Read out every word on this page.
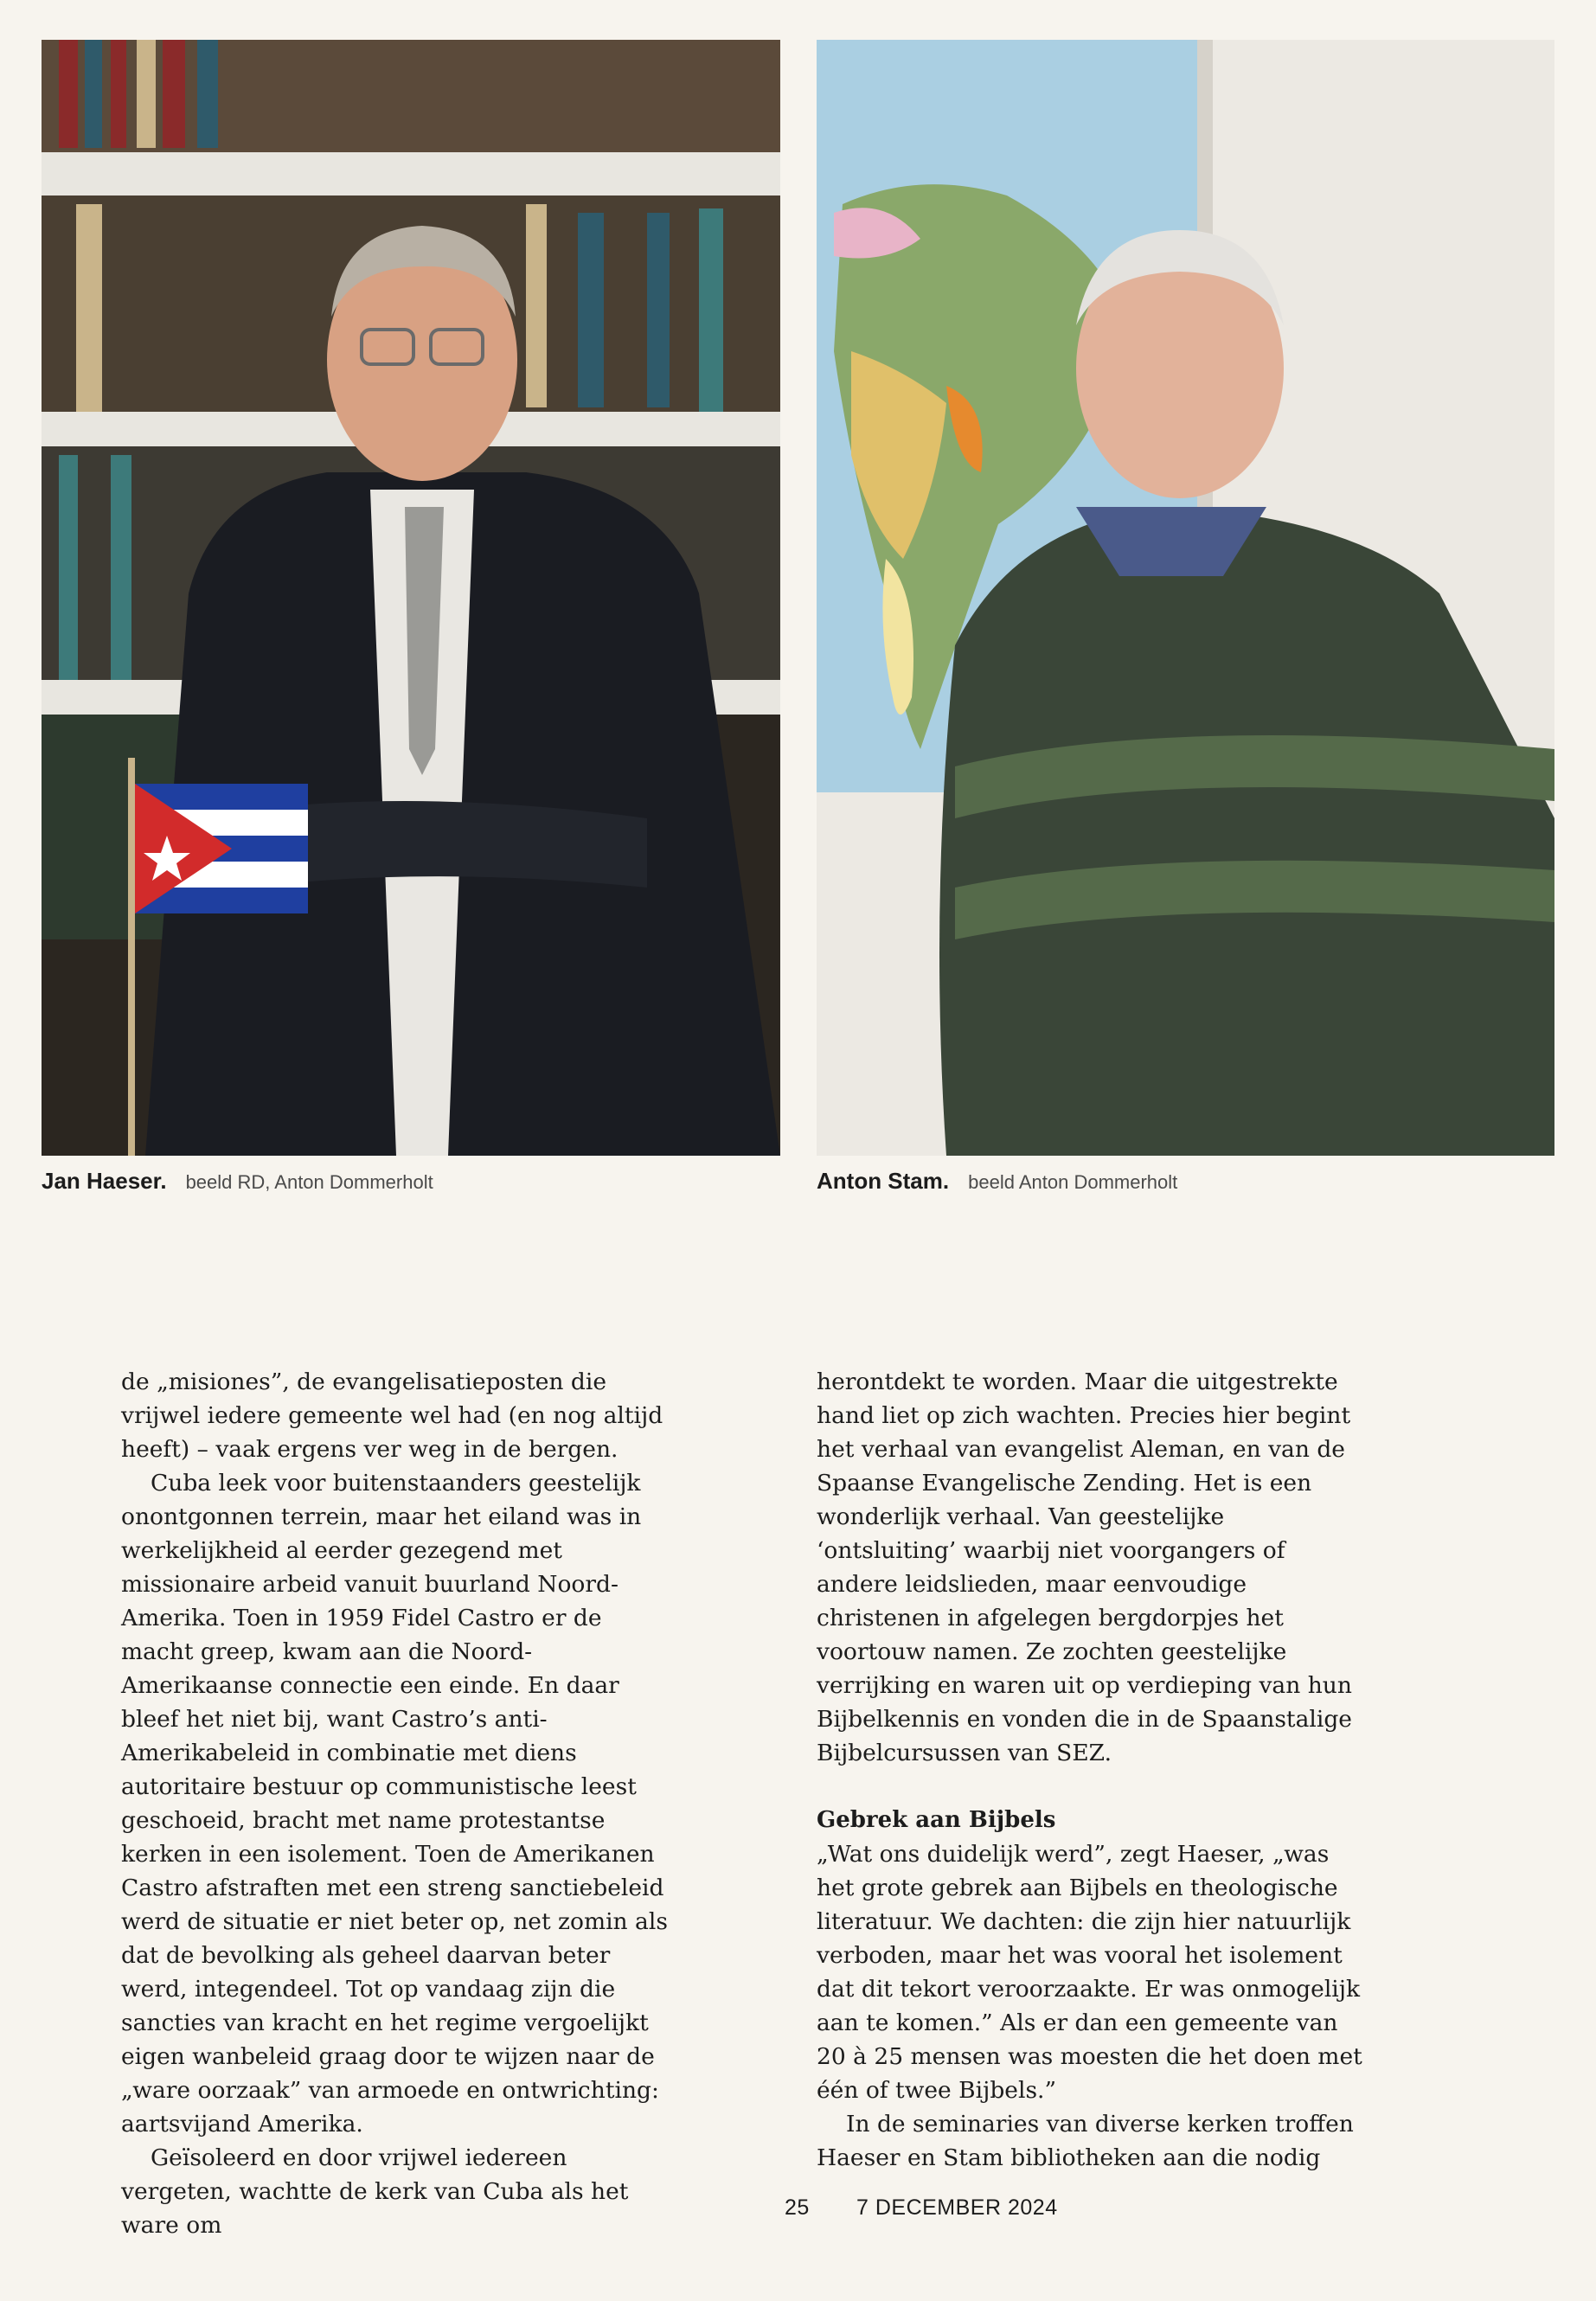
Jan Haeser. beeld RD, Anton Dommerholt	Anton Stam. beeld Anton Dommerholt

de „misiones”, de evangelisatieposten die vrijwel iedere gemeente wel had (en nog altijd heeft) – vaak ergens ver weg in de bergen.

Cuba leek voor buitenstaanders geestelijk onontgonnen terrein, maar het eiland was in werkelijkheid al eerder gezegend met missionaire arbeid vanuit buurland Noord-Amerika. Toen in 1959 Fidel Castro er de macht greep, kwam aan die Noord-Amerikaanse connectie een einde. En daar bleef het niet bij, want Castro’s anti-Amerikabeleid in combinatie met diens autoritaire bestuur op communistische leest geschoeid, bracht met name protestantse kerken in een isolement. Toen de Amerikanen Castro afstraften met een streng sanctiebeleid werd de situatie er niet beter op, net zomin als dat de bevolking als geheel daarvan beter werd, integendeel. Tot op vandaag zijn die sancties van kracht en het regime vergoelijkt eigen wanbeleid graag door te wijzen naar de „ware oorzaak” van armoede en ontwrichting: aartsvijand Amerika.

Geïsoleerd en door vrijwel iedereen vergeten, wachtte de kerk van Cuba als het ware om

herontdekt te worden. Maar die uitgestrekte hand liet op zich wachten. Precies hier begint het verhaal van evangelist Aleman, en van de Spaanse Evangelische Zending. Het is een wonderlijk verhaal. Van geestelijke ‘ontsluiting’ waarbij niet voorgangers of andere leidslieden, maar eenvoudige christenen in afgelegen bergdorpjes het voortouw namen. Ze zochten geestelijke verrijking en waren uit op verdieping van hun Bijbelkennis en vonden die in de Spaanstalige Bijbelcursussen van SEZ.

Gebrek aan Bijbels

„Wat ons duidelijk werd”, zegt Haeser, „was het grote gebrek aan Bijbels en theologische literatuur. We dachten: die zijn hier natuurlijk verboden, maar het was vooral het isolement dat dit tekort veroorzaakte. Er was onmogelijk aan te komen.” Als er dan een gemeente van 20 à 25 mensen was moesten die het doen met één of twee Bijbels.”

In de seminaries van diverse kerken troffen Haeser en Stam bibliotheken aan die nodig

25 7 DECEMBER 2024
